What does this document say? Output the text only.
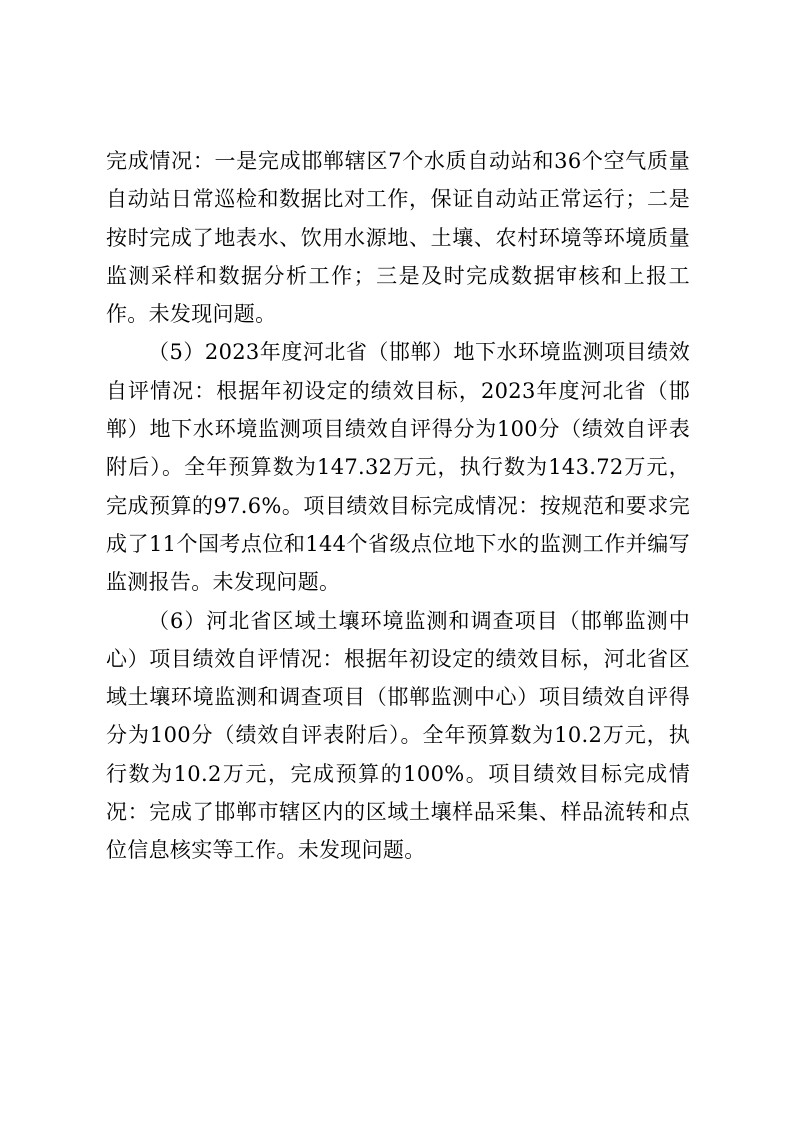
完成情况：一是完成邯郸辖区7个水质自动站和36个空气质量自动站日常巡检和数据比对工作，保证自动站正常运行；二是按时完成了地表水、饮用水源地、土壤、农村环境等环境质量监测采样和数据分析工作；三是及时完成数据审核和上报工作。未发现问题。

（5）2023年度河北省（邯郸）地下水环境监测项目绩效自评情况：根据年初设定的绩效目标，2023年度河北省（邯郸）地下水环境监测项目绩效自评得分为100分（绩效自评表附后）。全年预算数为147.32万元，执行数为143.72万元，完成预算的97.6%。项目绩效目标完成情况：按规范和要求完成了11个国考点位和144个省级点位地下水的监测工作并编写监测报告。未发现问题。

（6）河北省区域土壤环境监测和调查项目（邯郸监测中心）项目绩效自评情况：根据年初设定的绩效目标，河北省区域土壤环境监测和调查项目（邯郸监测中心）项目绩效自评得分为100分（绩效自评表附后）。全年预算数为10.2万元，执行数为10.2万元，完成预算的100%。项目绩效目标完成情况：完成了邯郸市辖区内的区域土壤样品采集、样品流转和点位信息核实等工作。未发现问题。
